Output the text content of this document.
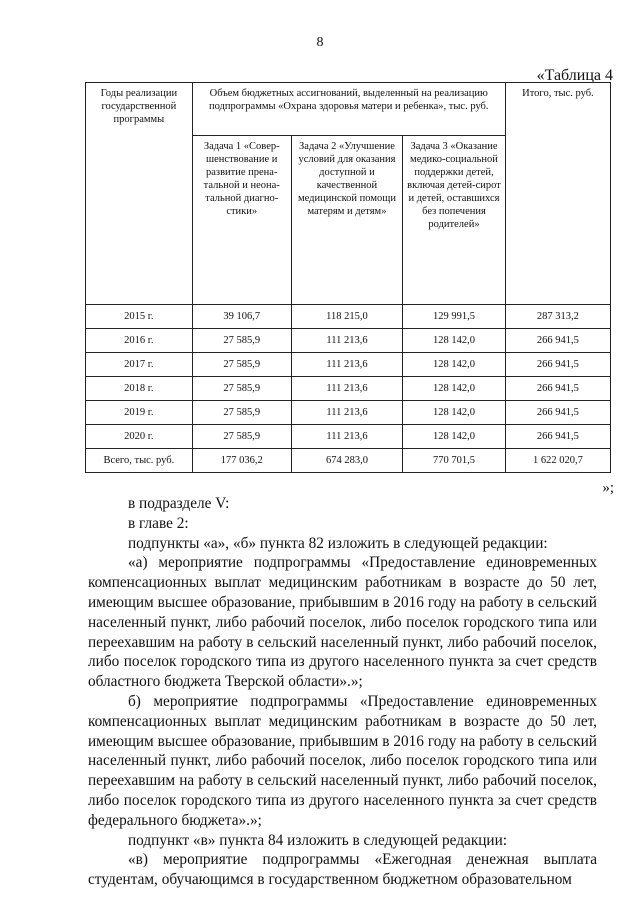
8
«Таблица 4
Годы реализации государственной программы	Объем бюджетных ассигнований, выделенный на реализацию подпрограммы «Охрана здоровья матери и ребенка», тыс. руб.			Итого, тыс. руб.
	Задача 1 «Совер-шенствование и развитие прена-тальной и неона-тальной диагно-стики»	Задача 2 «Улучшение условий для оказания доступной и качественной медицинской помощи матерям и детям»	Задача 3 «Оказание медико-социальной поддержки детей, включая детей-сирот и детей, оставшихся без попечения родителей»	
2015 г.	39 106,7	118 215,0	129 991,5	287 313,2
2016 г.	27 585,9	111 213,6	128 142,0	266 941,5
2017 г.	27 585,9	111 213,6	128 142,0	266 941,5
2018 г.	27 585,9	111 213,6	128 142,0	266 941,5
2019 г.	27 585,9	111 213,6	128 142,0	266 941,5
2020 г.	27 585,9	111 213,6	128 142,0	266 941,5
Всего, тыс. руб.	177 036,2	674 283,0	770 701,5	1 622 020,7
»;

в подразделе V:

в главе 2:

подпункты «а», «б» пункта 82 изложить в следующей редакции:

«а) мероприятие подпрограммы «Предоставление единовременных компенсационных выплат медицинским работникам в возрасте до 50 лет, имеющим высшее образование, прибывшим в 2016 году на работу в сельский населенный пункт, либо рабочий поселок, либо поселок городского типа или переехавшим на работу в сельский населенный пункт, либо рабочий поселок, либо поселок городского типа из другого населенного пункта за счет средств областного бюджета Тверской области».»;

б) мероприятие подпрограммы «Предоставление единовременных компенсационных выплат медицинским работникам в возрасте до 50 лет, имеющим высшее образование, прибывшим в 2016 году на работу в сельский населенный пункт, либо рабочий поселок, либо поселок городского типа или переехавшим на работу в сельский населенный пункт, либо рабочий поселок, либо поселок городского типа из другого населенного пункта за счет средств федерального бюджета».»;

подпункт «в» пункта 84 изложить в следующей редакции:

«в) мероприятие подпрограммы «Ежегодная денежная выплата студентам, обучающимся в государственном бюджетном образовательном
